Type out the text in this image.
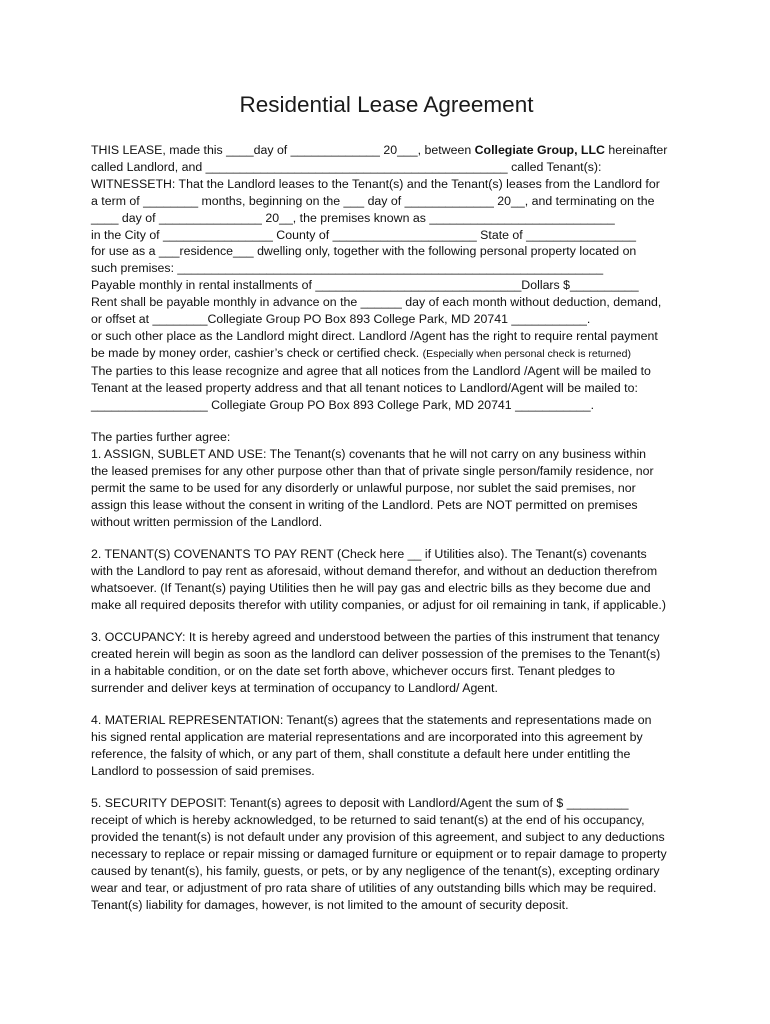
Residential Lease Agreement
THIS LEASE, made this ____day of _____________ 20___, between Collegiate Group, LLC hereinafter
called Landlord, and ____________________________________________ called Tenant(s):
WITNESSETH: That the Landlord leases to the Tenant(s) and the Tenant(s) leases from the Landlord for
a term of ________ months, beginning on the ___ day of _____________ 20__, and terminating on the
____ day of _______________ 20__, the premises known as ___________________________
in the City of ________________ County of _____________________ State of ________________
for use as a ___residence___ dwelling only, together with the following personal property located on
such premises: ______________________________________________________________
Payable monthly in rental installments of ______________________________Dollars $__________
Rent shall be payable monthly in advance on the ______ day of each month without deduction, demand,
or offset at ________Collegiate Group PO Box 893 College Park, MD 20741 ___________.
or such other place as the Landlord might direct. Landlord /Agent has the right to require rental payment
be made by money order, cashier’s check or certified check. (Especially when personal check is returned)
The parties to this lease recognize and agree that all notices from the Landlord /Agent will be mailed to
Tenant at the leased property address and that all tenant notices to Landlord/Agent will be mailed to:
_________________ Collegiate Group PO Box 893 College Park, MD 20741 ___________.
The parties further agree:
1. ASSIGN, SUBLET AND USE: The Tenant(s) covenants that he will not carry on any business within
the leased premises for any other purpose other than that of private single person/family residence, nor
permit the same to be used for any disorderly or unlawful purpose, nor sublet the said premises, nor
assign this lease without the consent in writing of the Landlord. Pets are NOT permitted on premises
without written permission of the Landlord.
2. TENANT(S) COVENANTS TO PAY RENT (Check here __ if Utilities also). The Tenant(s) covenants
with the Landlord to pay rent as aforesaid, without demand therefor, and without an deduction therefrom
whatsoever. (If Tenant(s) paying Utilities then he will pay gas and electric bills as they become due and
make all required deposits therefor with utility companies, or adjust for oil remaining in tank, if applicable.)
3. OCCUPANCY: It is hereby agreed and understood between the parties of this instrument that tenancy
created herein will begin as soon as the landlord can deliver possession of the premises to the Tenant(s)
in a habitable condition, or on the date set forth above, whichever occurs first. Tenant pledges to
surrender and deliver keys at termination of occupancy to Landlord/ Agent.
4. MATERIAL REPRESENTATION: Tenant(s) agrees that the statements and representations made on
his signed rental application are material representations and are incorporated into this agreement by
reference, the falsity of which, or any part of them, shall constitute a default here under entitling the
Landlord to possession of said premises.
5. SECURITY DEPOSIT: Tenant(s) agrees to deposit with Landlord/Agent the sum of $ _________
receipt of which is hereby acknowledged, to be returned to said tenant(s) at the end of his occupancy,
provided the tenant(s) is not default under any provision of this agreement, and subject to any deductions
necessary to replace or repair missing or damaged furniture or equipment or to repair damage to property
caused by tenant(s), his family, guests, or pets, or by any negligence of the tenant(s), excepting ordinary
wear and tear, or adjustment of pro rata share of utilities of any outstanding bills which may be required.
Tenant(s) liability for damages, however, is not limited to the amount of security deposit.
